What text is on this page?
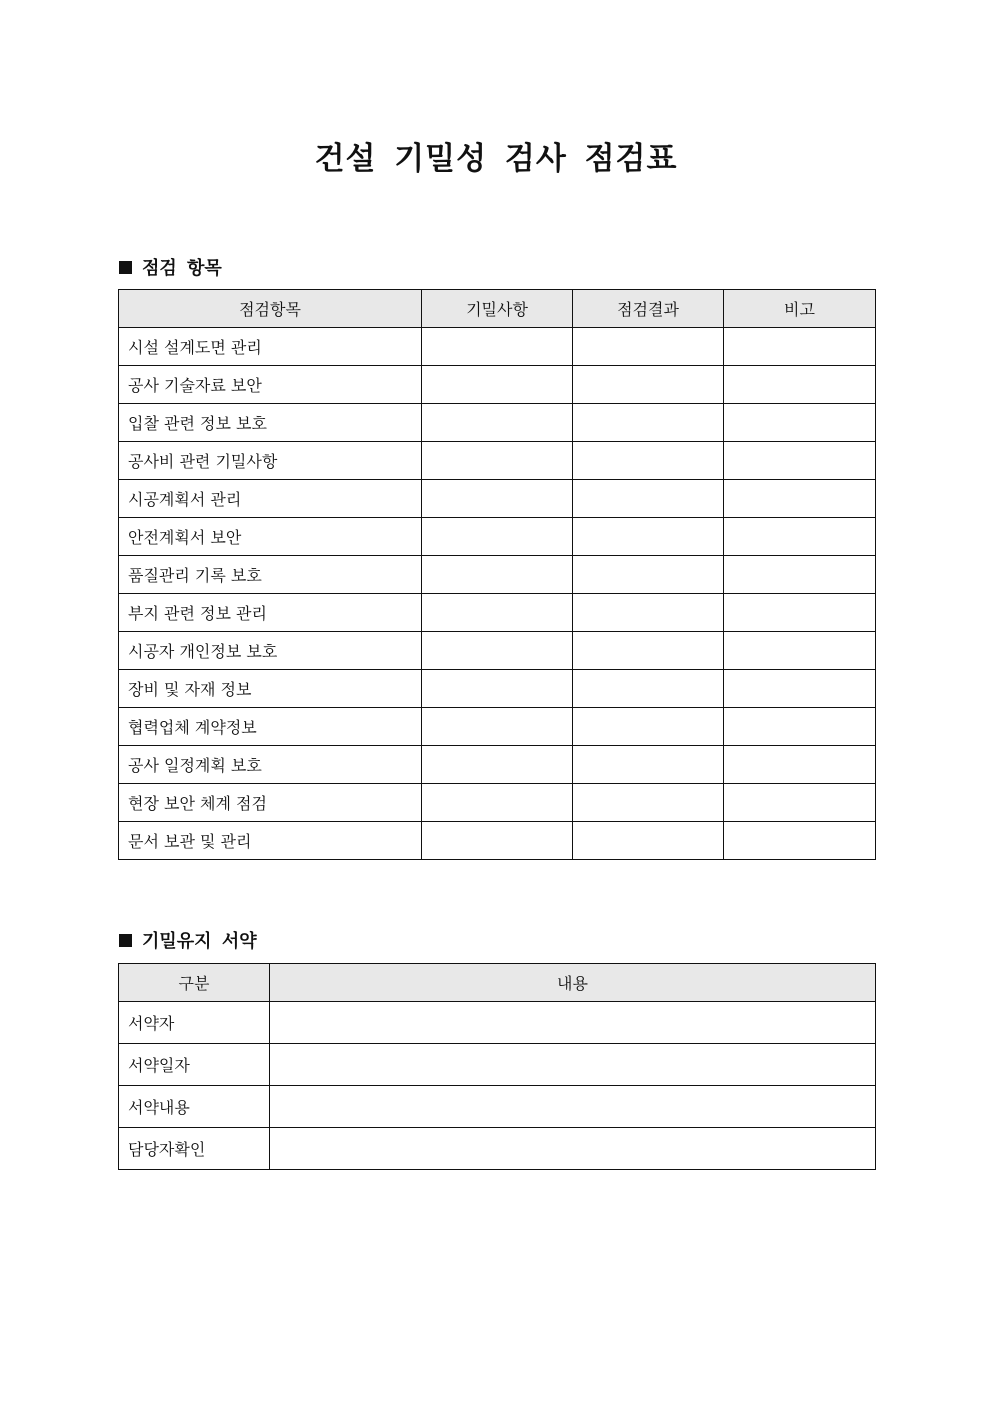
건설 기밀성 검사 점검표
점검 항목
점검항목	기밀사항	점검결과	비고
시설 설계도면 관리			
공사 기술자료 보안			
입찰 관련 정보 보호			
공사비 관련 기밀사항			
시공계획서 관리			
안전계획서 보안			
품질관리 기록 보호			
부지 관련 정보 관리			
시공자 개인정보 보호			
장비 및 자재 정보			
협력업체 계약정보			
공사 일정계획 보호			
현장 보안 체계 점검			
문서 보관 및 관리			
기밀유지 서약
구분	내용
서약자	
서약일자	
서약내용	
담당자확인	
